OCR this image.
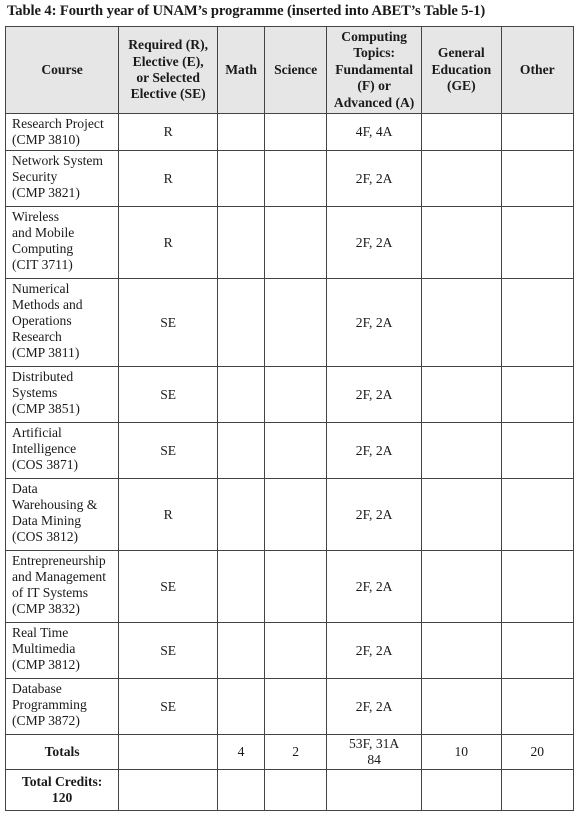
Table 4: Fourth year of UNAM’s programme (inserted into ABET’s Table 5-1)
Course	Required (R),
Elective (E),
or Selected
Elective (SE)	Math	Science	Computing
Topics:
Fundamental
(F) or
Advanced (A)	General
Education
(GE)	Other

Research Project
(CMP 3810)	R			4F, 4A		

Network System
Security
(CMP 3821)	R			2F, 2A		

Wireless
and Mobile
Computing
(CIT 3711)	R			2F, 2A		

Numerical
Methods and
Operations
Research
(CMP 3811)	SE			2F, 2A		

Distributed
Systems
(CMP 3851)	SE			2F, 2A		

Artificial
Intelligence
(COS 3871)	SE			2F, 2A		

Data
Warehousing &
Data Mining
(COS 3812)	R			2F, 2A		

Entrepreneurship
and Management
of IT Systems
(CMP 3832)	SE			2F, 2A		

Real Time
Multimedia
(CMP 3812)	SE			2F, 2A		

Database
Programming
(CMP 3872)	SE			2F, 2A		
Totals		4	2	53F, 31A
84	10	20

Total Credits:
120						
